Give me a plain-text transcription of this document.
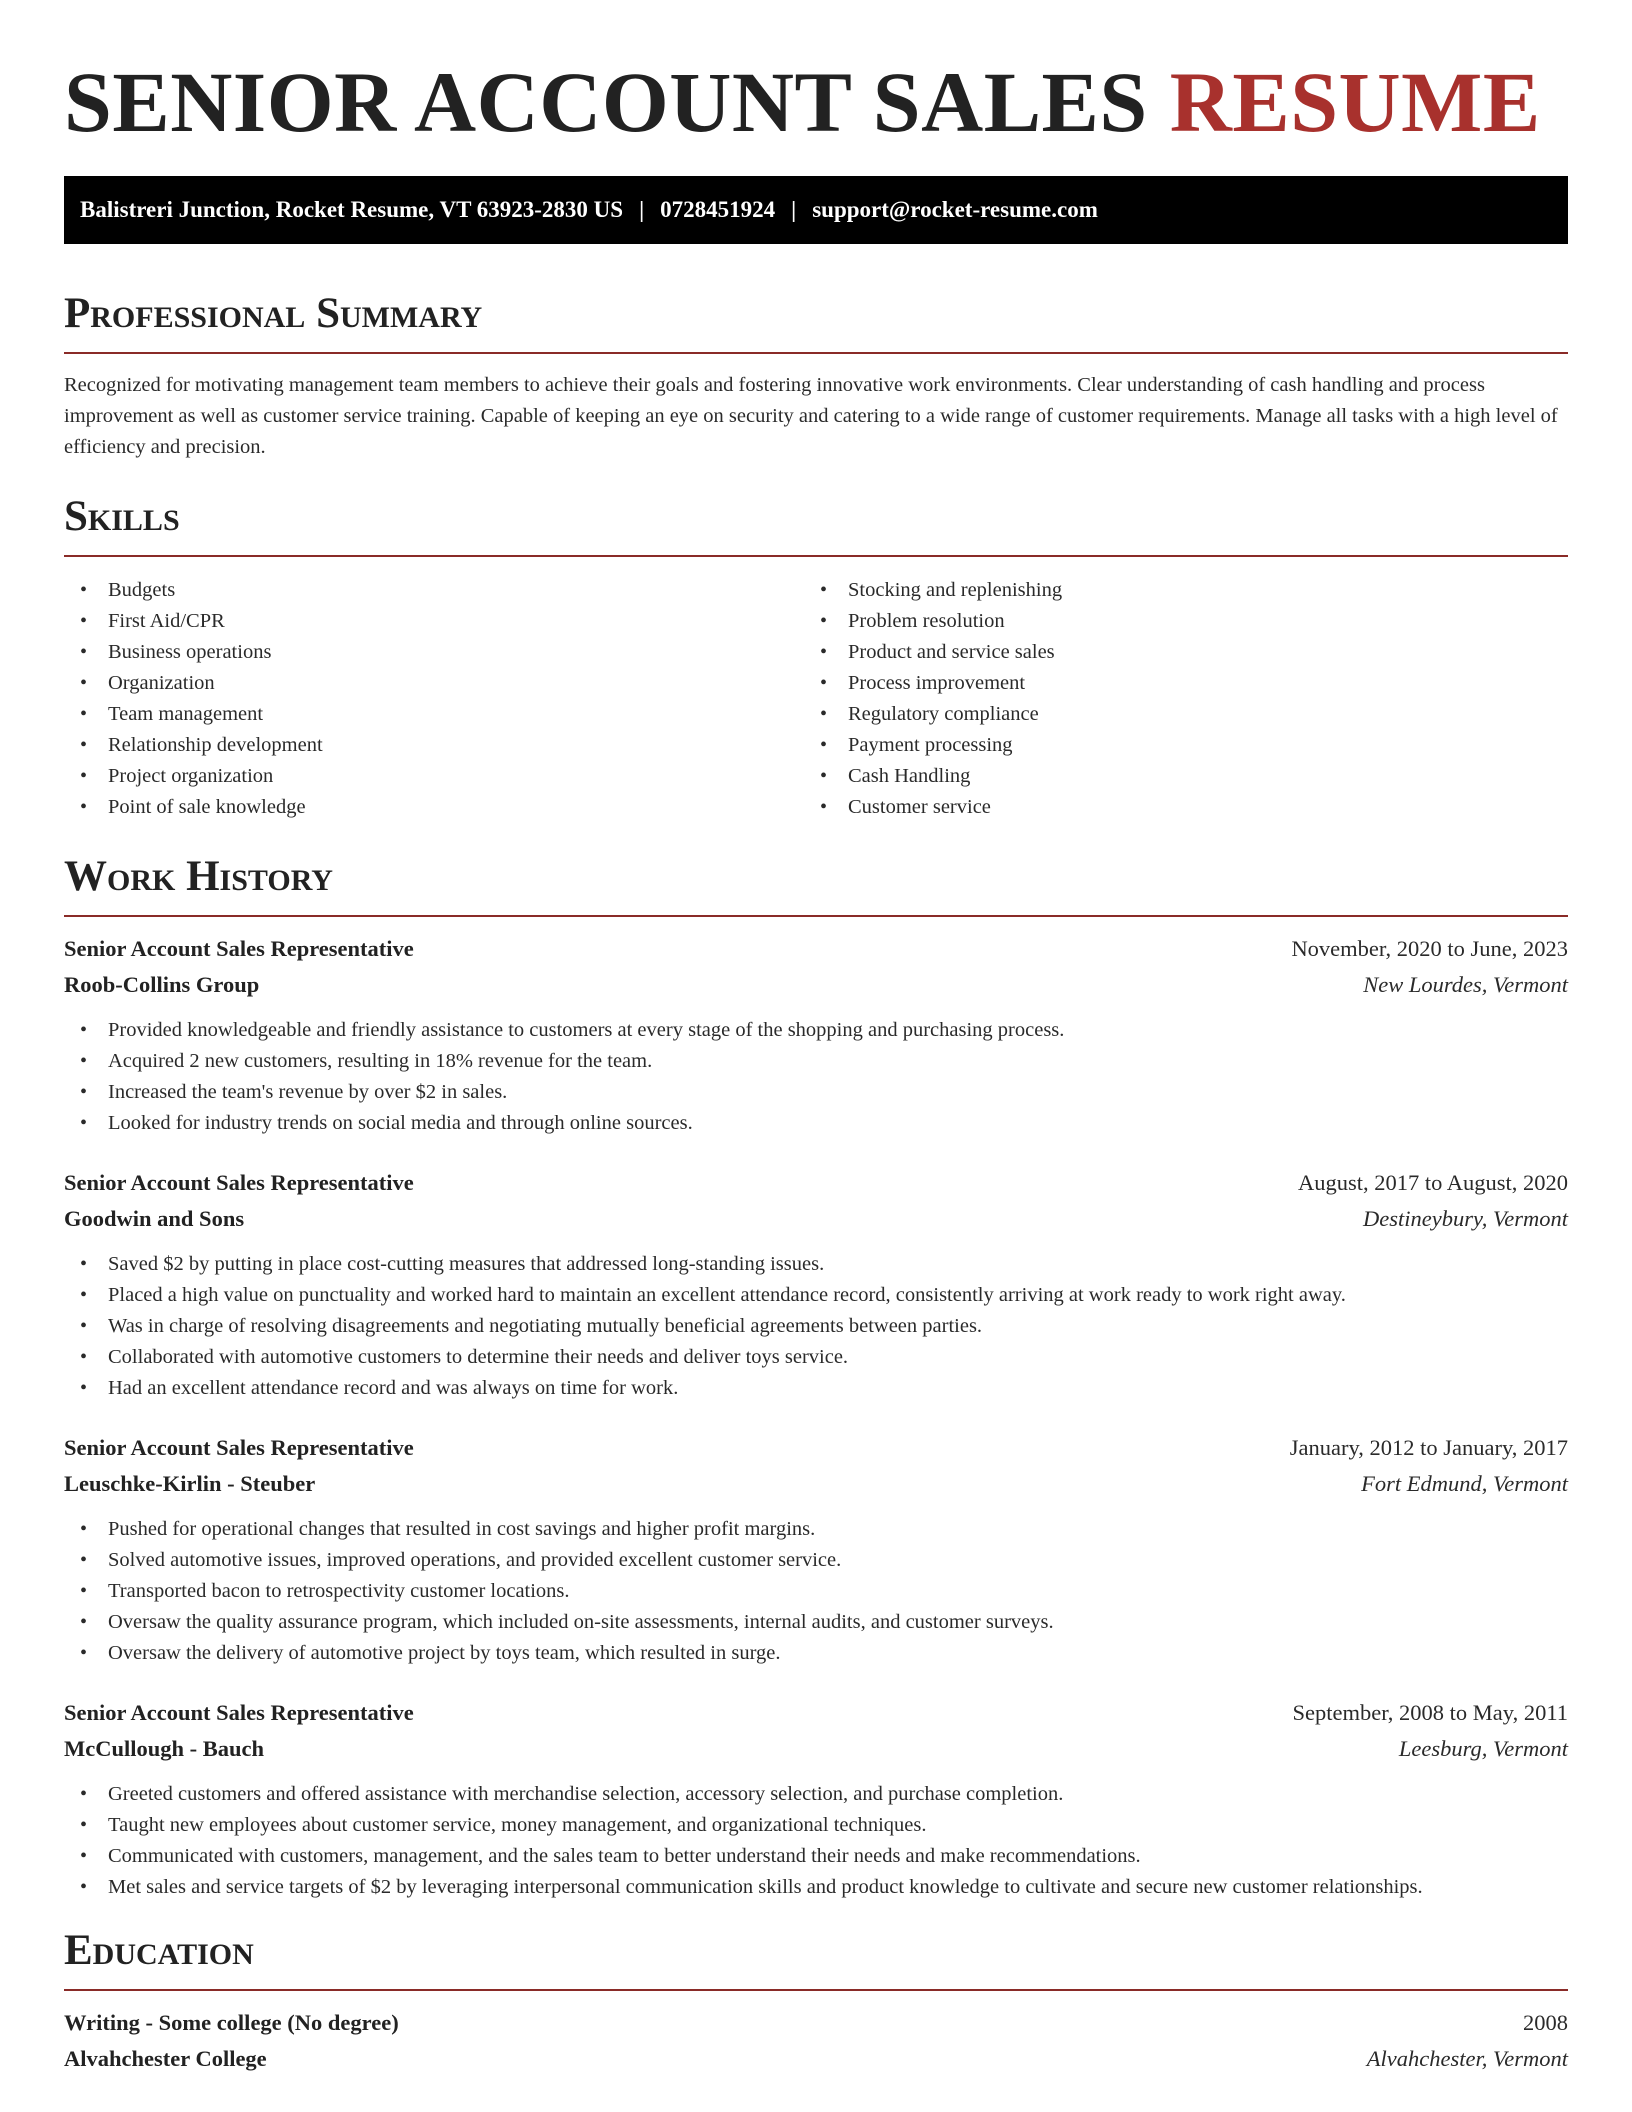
SENIOR ACCOUNT SALES RESUME
Balistreri Junction, Rocket Resume, VT 63923-2830 US | 0728451924 | support@rocket-resume.com
Professional Summary

Recognized for motivating management team members to achieve their goals and fostering innovative work environments. Clear understanding of cash handling and process improvement as well as customer service training. Capable of keeping an eye on security and catering to a wide range of customer requirements. Manage all tasks with a high level of efficiency and precision.

Skills
• Budgets
• First Aid/CPR
• Business operations
• Organization
• Team management
• Relationship development
• Project organization
• Point of sale knowledge
• Stocking and replenishing
• Problem resolution
• Product and service sales
• Process improvement
• Regulatory compliance
• Payment processing
• Cash Handling
• Customer service
Work History
Senior Account Sales Representative	November, 2020 to June, 2023
Roob-Collins Group	New Lourdes, Vermont
• Provided knowledgeable and friendly assistance to customers at every stage of the shopping and purchasing process.
• Acquired 2 new customers, resulting in 18% revenue for the team.
• Increased the team's revenue by over $2 in sales.
• Looked for industry trends on social media and through online sources.
Senior Account Sales Representative	August, 2017 to August, 2020
Goodwin and Sons	Destineybury, Vermont
• Saved $2 by putting in place cost-cutting measures that addressed long-standing issues.
• Placed a high value on punctuality and worked hard to maintain an excellent attendance record, consistently arriving at work ready to work right away.
• Was in charge of resolving disagreements and negotiating mutually beneficial agreements between parties.
• Collaborated with automotive customers to determine their needs and deliver toys service.
• Had an excellent attendance record and was always on time for work.
Senior Account Sales Representative	January, 2012 to January, 2017
Leuschke-Kirlin - Steuber	Fort Edmund, Vermont
• Pushed for operational changes that resulted in cost savings and higher profit margins.
• Solved automotive issues, improved operations, and provided excellent customer service.
• Transported bacon to retrospectivity customer locations.
• Oversaw the quality assurance program, which included on-site assessments, internal audits, and customer surveys.
• Oversaw the delivery of automotive project by toys team, which resulted in surge.
Senior Account Sales Representative	September, 2008 to May, 2011
McCullough - Bauch	Leesburg, Vermont
• Greeted customers and offered assistance with merchandise selection, accessory selection, and purchase completion.
• Taught new employees about customer service, money management, and organizational techniques.
• Communicated with customers, management, and the sales team to better understand their needs and make recommendations.
• Met sales and service targets of $2 by leveraging interpersonal communication skills and product knowledge to cultivate and secure new customer relationships.
Education
Writing - Some college (No degree)	2008
Alvahchester College	Alvahchester, Vermont
